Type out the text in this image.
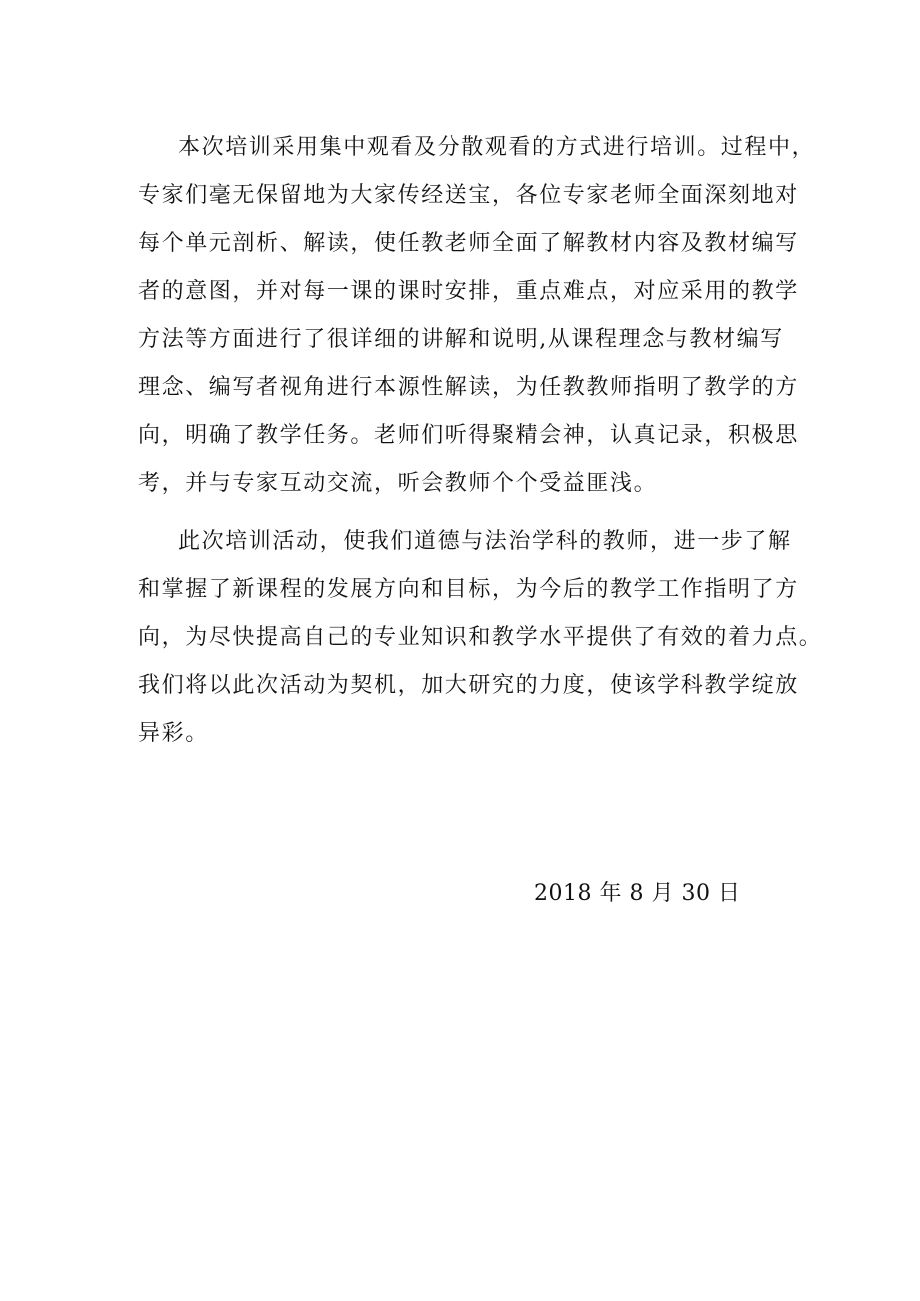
本次培训采用集中观看及分散观看的方式进行培训。过程中，
专家们毫无保留地为大家传经送宝，各位专家老师全面深刻地对
每个单元剖析、解读，使任教老师全面了解教材内容及教材编写
者的意图，并对每一课的课时安排，重点难点，对应采用的教学
方法等方面进行了很详细的讲解和说明,从课程理念与教材编写
理念、编写者视角进行本源性解读，为任教教师指明了教学的方
向，明确了教学任务。老师们听得聚精会神，认真记录，积极思
考，并与专家互动交流，听会教师个个受益匪浅。
此次培训活动，使我们道德与法治学科的教师，进一步了解
和掌握了新课程的发展方向和目标，为今后的教学工作指明了方
向，为尽快提高自己的专业知识和教学水平提供了有效的着力点。
我们将以此次活动为契机，加大研究的力度，使该学科教学绽放
异彩。
2018 年 8 月 30 日
